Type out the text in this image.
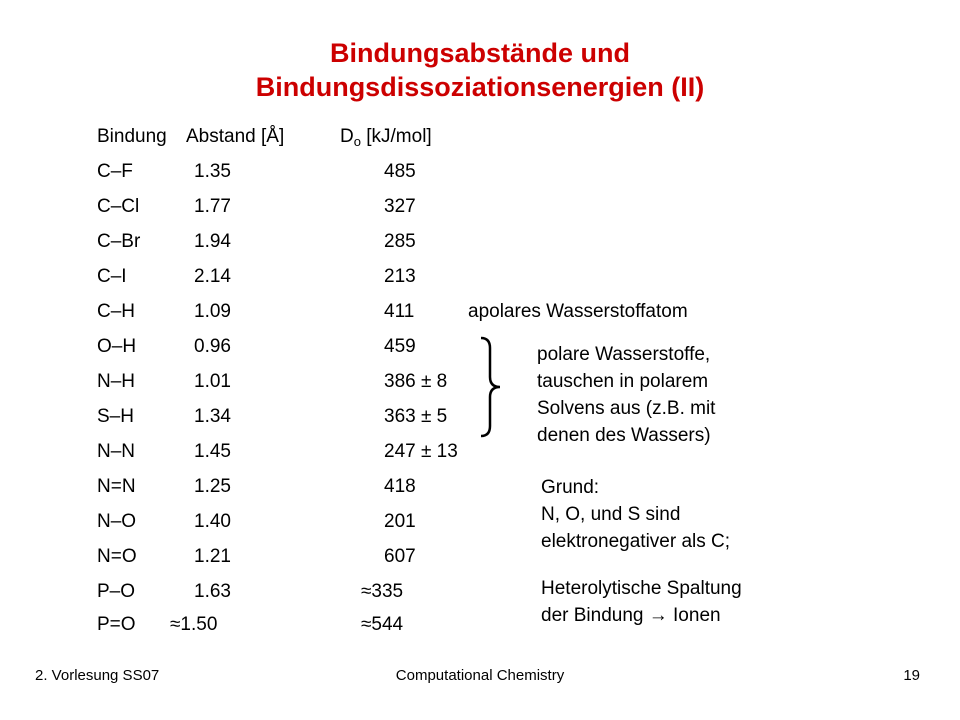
Bindungsabstände und
Bindungsdissoziationsenergien (II)
Bindung Abstand [Å]	$D_o$ [kJ/mol]
C–F	1.35	485
C–Cl	1.77	327
C–Br	1.94	285
C–I	2.14	213
C–H	1.09	411
O–H	0.96	459
N–H	1.01	386 ± 8
S–H	1.34	363 ± 5
N–N	1.45	247 ± 13
N=N	1.25	418
N–O	1.40	201
N=O	1.21	607
P–O	1.63	≈335
P=O ≈1.50	≈544
apolares Wasserstoffatom
polare Wasserstoffe,
tauschen in polarem
Solvens aus (z.B. mit
denen des Wassers)
Grund:
N, O, und S sind
elektronegativer als C;
Heterolytische Spaltung
der Bindung → Ionen
2. Vorlesung SS07	Computational Chemistry	19
